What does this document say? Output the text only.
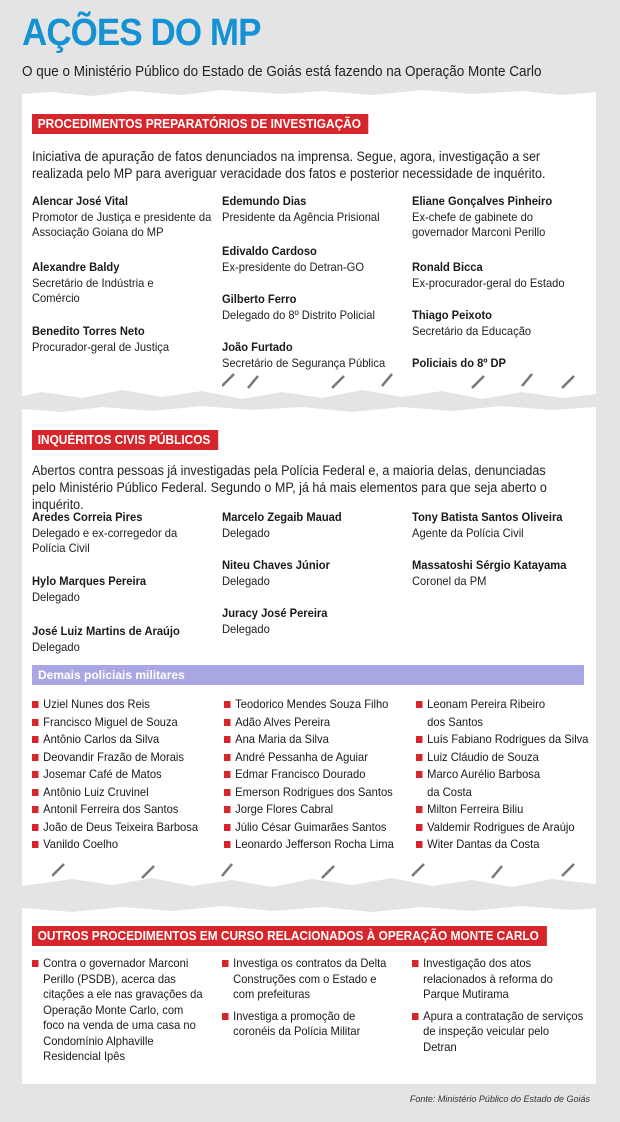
AÇÕES DO MP
O que o Ministério Público do Estado de Goiás está fazendo na Operação Monte Carlo
PROCEDIMENTOS PREPARATÓRIOS DE INVESTIGAÇÃO
Iniciativa de apuração de fatos denunciados na imprensa. Segue, agora, investigação a ser realizada pelo MP para averiguar veracidade dos fatos e posterior necessidade de inquérito.
Alencar José Vital
Promotor de Justiça e presidente da Associação Goiana do MP
Alexandre Baldy
Secretário de Indústria e Comércio
Benedito Torres Neto
Procurador-geral de Justiça
Edemundo Dias
Presidente da Agência Prisional
Edivaldo Cardoso
Ex-presidente do Detran-GO
Gilberto Ferro
Delegado do 8º Distrito Policial
João Furtado
Secretário de Segurança Pública
Eliane Gonçalves Pinheiro
Ex-chefe de gabinete do governador Marconi Perillo
Ronald Bicca
Ex-procurador-geral do Estado
Thiago Peixoto
Secretário da Educação
Policiais do 8º DP
INQUÉRITOS CIVIS PÚBLICOS
Abertos contra pessoas já investigadas pela Polícia Federal e, a maioria delas, denunciadas pelo Ministério Público Federal. Segundo o MP, já há mais elementos para que seja aberto o inquérito.
Aredes Correia Pires
Delegado e ex-corregedor da Polícia Civil
Hylo Marques Pereira
Delegado
José Luiz Martins de Araújo
Delegado
Marcelo Zegaib Mauad
Delegado
Niteu Chaves Júnior
Delegado
Juracy José Pereira
Delegado
Tony Batista Santos Oliveira
Agente da Polícia Civil
Massatoshi Sérgio Katayama
Coronel da PM
Demais policiais militares
Uziel Nunes dos Reis
Francisco Miguel de Souza
Antônio Carlos da Silva
Deovandir Frazão de Morais
Josemar Café de Matos
Antônio Luiz Cruvinel
Antonil Ferreira dos Santos
João de Deus Teixeira Barbosa
Vanildo Coelho
Teodorico Mendes Souza Filho
Adão Alves Pereira
Ana Maria da Silva
André Pessanha de Aguiar
Edmar Francisco Dourado
Emerson Rodrigues dos Santos
Jorge Flores Cabral
Júlio César Guimarães Santos
Leonardo Jefferson Rocha Lima
Leonam Pereira Ribeiro
dos Santos
Luís Fabiano Rodrigues da Silva
Luiz Cláudio de Souza
Marco Aurélio Barbosa
da Costa
Milton Ferreira Biliu
Valdemir Rodrigues de Araújo
Witer Dantas da Costa
OUTROS PROCEDIMENTOS EM CURSO RELACIONADOS À OPERAÇÃO MONTE CARLO
Contra o governador Marconi Perillo (PSDB), acerca das citações a ele nas gravações da Operação Monte Carlo, com foco na venda de uma casa no Condomínio Alphaville Residencial Ipês
Investiga os contratos da Delta Construções com o Estado e com prefeituras
Investiga a promoção de coronéis da Polícia Militar
Investigação dos atos relacionados à reforma do Parque Mutirama
Apura a contratação de serviços de inspeção veicular pelo Detran
Fonte: Ministério Público do Estado de Goiás
